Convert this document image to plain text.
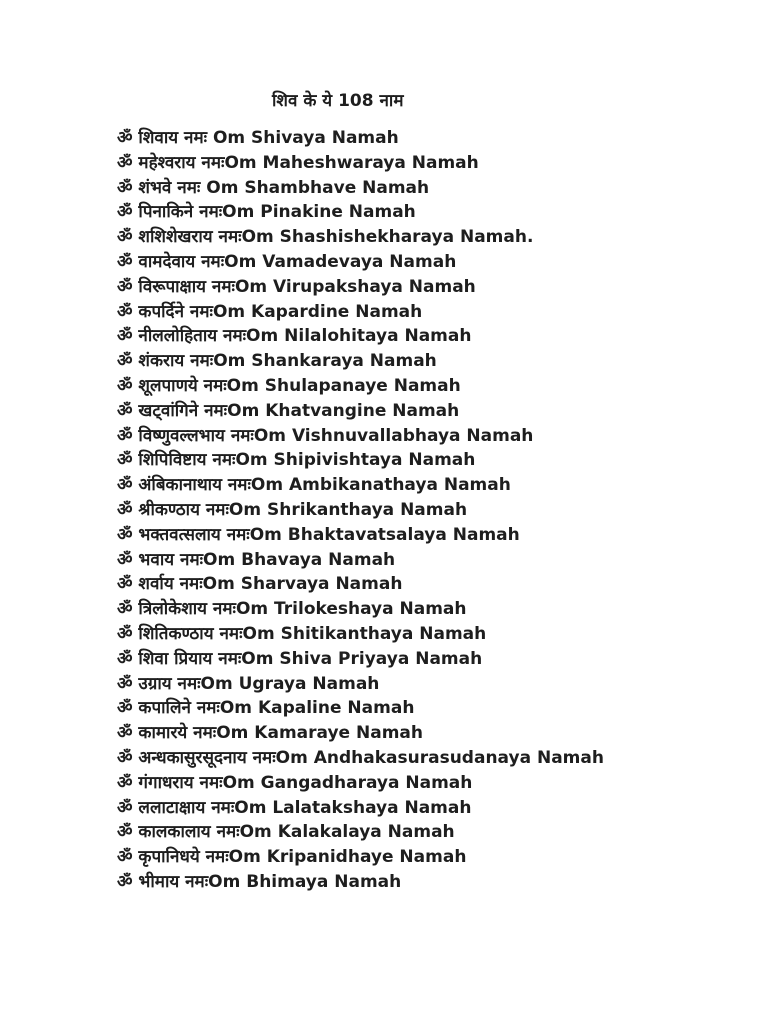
शिव के ये 108 नाम
ॐ शिवाय नमः Om Shivaya Namah
ॐ महेश्वराय नमःOm Maheshwaraya Namah
ॐ शंभवे नमः Om Shambhave Namah
ॐ पिनाकिने नमःOm Pinakine Namah
ॐ शशिशेखराय नमःOm Shashishekharaya Namah.
ॐ वामदेवाय नमःOm Vamadevaya Namah
ॐ विरूपाक्षाय नमःOm Virupakshaya Namah
ॐ कपर्दिने नमःOm Kapardine Namah
ॐ नीललोहिताय नमःOm Nilalohitaya Namah
ॐ शंकराय नमःOm Shankaraya Namah
ॐ शूलपाणये नमःOm Shulapanaye Namah
ॐ खट्वांगिने नमःOm Khatvangine Namah
ॐ विष्णुवल्लभाय नमःOm Vishnuvallabhaya Namah
ॐ शिपिविष्टाय नमःOm Shipivishtaya Namah
ॐ अंबिकानाथाय नमःOm Ambikanathaya Namah
ॐ श्रीकण्ठाय नमःOm Shrikanthaya Namah
ॐ भक्तवत्सलाय नमःOm Bhaktavatsalaya Namah
ॐ भवाय नमःOm Bhavaya Namah
ॐ शर्वाय नमःOm Sharvaya Namah
ॐ त्रिलोकेशाय नमःOm Trilokeshaya Namah
ॐ शितिकण्ठाय नमःOm Shitikanthaya Namah
ॐ शिवा प्रियाय नमःOm Shiva Priyaya Namah
ॐ उग्राय नमःOm Ugraya Namah
ॐ कपालिने नमःOm Kapaline Namah
ॐ कामारये नमःOm Kamaraye Namah
ॐ अन्धकासुरसूदनाय नमःOm Andhakasurasudanaya Namah
ॐ गंगाधराय नमःOm Gangadharaya Namah
ॐ ललाटाक्षाय नमःOm Lalatakshaya Namah
ॐ कालकालाय नमःOm Kalakalaya Namah
ॐ कृपानिधये नमःOm Kripanidhaye Namah
ॐ भीमाय नमःOm Bhimaya Namah
